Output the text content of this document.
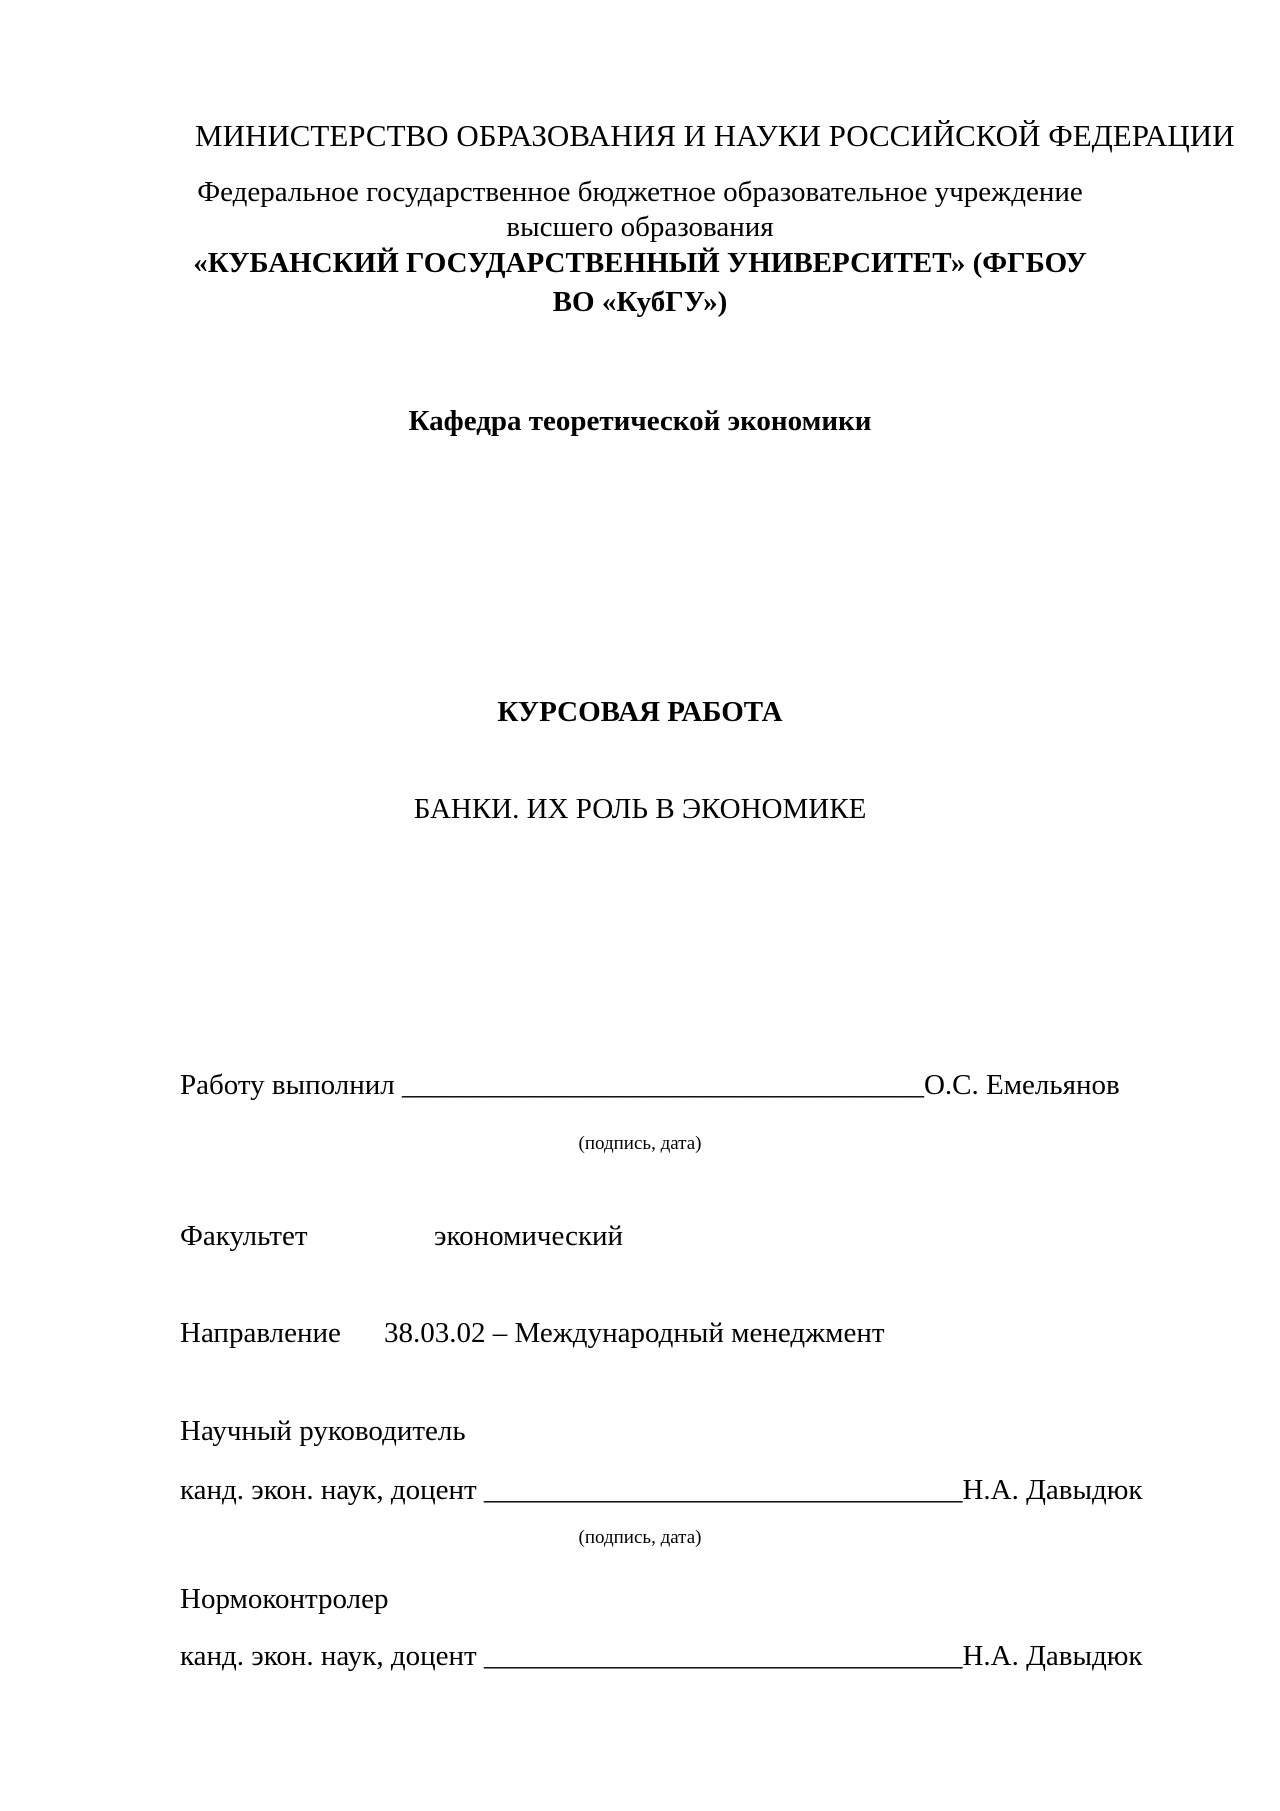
МИНИСТЕРСТВО ОБРАЗОВАНИЯ И НАУКИ РОССИЙСКОЙ ФЕДЕРАЦИИ
Федеральное государственное бюджетное образовательное учреждение
высшего образования
«КУБАНСКИЙ ГОСУДАРСТВЕННЫЙ УНИВЕРСИТЕТ» (ФГБОУ
ВО «КубГУ»)
Кафедра теоретической экономики
КУРСОВАЯ РАБОТА
БАНКИ. ИХ РОЛЬ В ЭКОНОМИКЕ
Работу выполнил ____________________________________О.С. Емельянов
(подпись, дата)
Факультет	экономический
Направление 38.03.02 – Международный менеджмент
Научный руководитель
канд. экон. наук, доцент _________________________________Н.А. Давыдюк
(подпись, дата)
Нормоконтролер
канд. экон. наук, доцент _________________________________Н.А. Давыдюк
